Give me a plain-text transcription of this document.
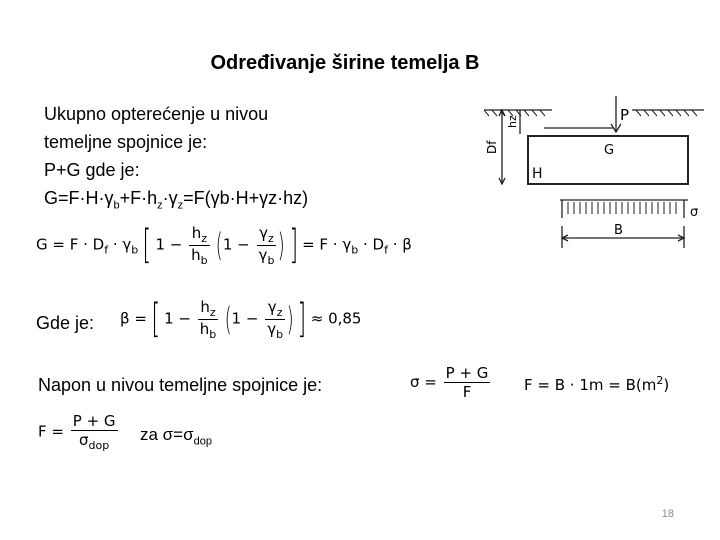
Određivanje širine temelja B
Ukupno opterećenje u nivou
temeljne spojnice je:
P+G gde je:
$G=F\cdot H\cdot\gamma_b+F\cdot h_z\cdot\gamma_z=F(\gamma b\cdot H+\gamma z\cdot hz)$
$G = F \cdot D_f \cdot \gamma_b$ [ $1 - \frac{h_z}{h_b} (1 - \frac{\gamma_z}{\gamma_b}$ ) ] = $F \cdot \gamma_b \cdot D_f \cdot \beta$
Gde je: β = [ $1 - \frac{h_z}{h_b} (1 - \frac{\gamma_z}{\gamma_b}$ ) ] ≈ 0,85
Napon u nivou temeljne spojnice je:	$\sigma = \frac{P + G}{F}$ $F = B \cdot 1m = B(m^2)$
$F = \frac{P + G}{\sigma_{dop}}$ za $\sigma=\sigma_{dop}$
P
G
H
Df
hz
σ
B
18
